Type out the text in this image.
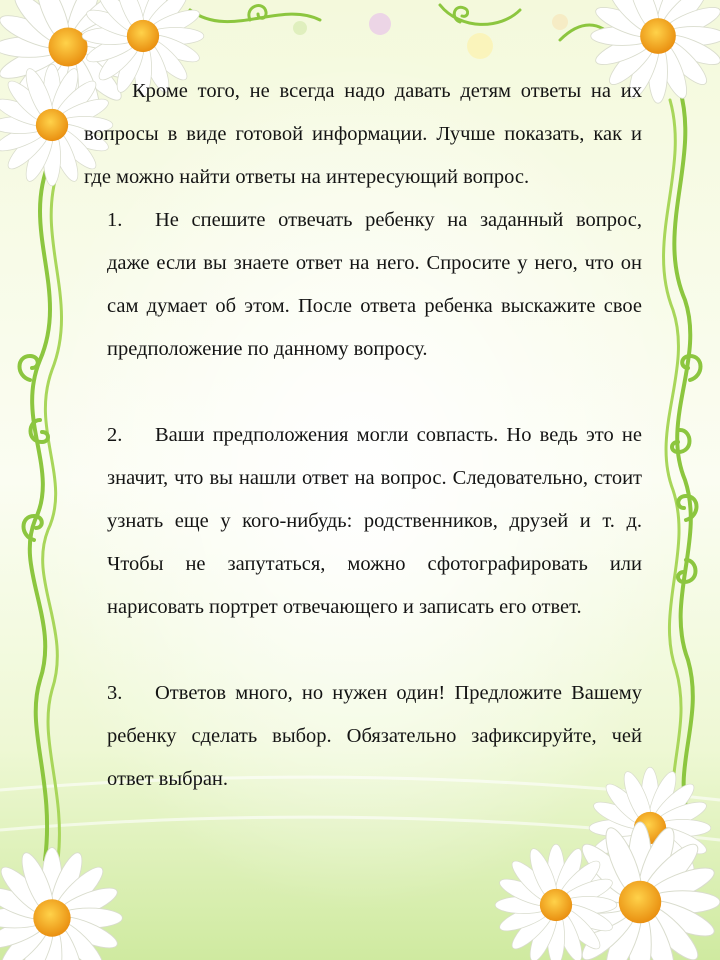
Кроме того, не всегда надо давать детям ответы на их вопросы в виде готовой информации. Лучше показать, как и где можно найти ответы на интересующий вопрос.

1. Не спешите отвечать ребенку на заданный вопрос, даже если вы знаете ответ на него. Спросите у него, что он сам думает об этом. После ответа ребенка выскажите свое предположение по данному вопросу.

2. Ваши предположения могли совпасть. Но ведь это не значит, что вы нашли ответ на вопрос. Следовательно, стоит узнать еще у кого-нибудь: родственников, друзей и т. д. Чтобы не запутаться, можно сфотографировать или нарисовать портрет отвечающего и записать его ответ.

3. Ответов много, но нужен один! Предложите Вашему ребенку сделать выбор. Обязательно зафиксируйте, чей ответ выбран.
